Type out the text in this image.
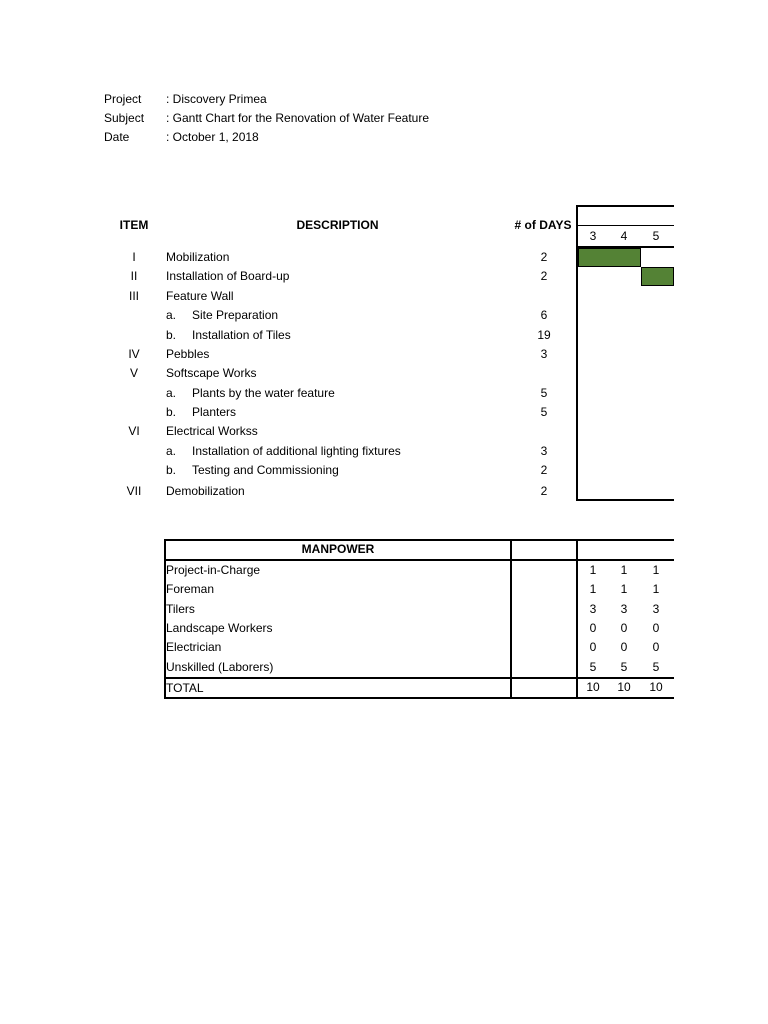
Project : Discovery Primea
Subject : Gantt Chart for the Renovation of Water Feature
Date	: October 1, 2018
ITEM	DESCRIPTION	# of DAYS
3	4	5
I	Mobilization	2
II	Installation of Board-up	2
III	Feature Wall
a. Site Preparation	6
b. Installation of Tiles	19
IV	Pebbles	3
V	Softscape Works
a. Plants by the water feature	5
b. Planters	5
VI	Electrical Workss
a. Installation of additional lighting fixtures	3
b. Testing and Commissioning	2
VII	Demobilization	2
MANPOWER
Project-in-Charge	1	1	1
Foreman	1	1	1
Tilers	3	3	3
Landscape Workers	0	0	0
Electrician	0	0	0
Unskilled (Laborers)	5	5	5
TOTAL	10	10	10
